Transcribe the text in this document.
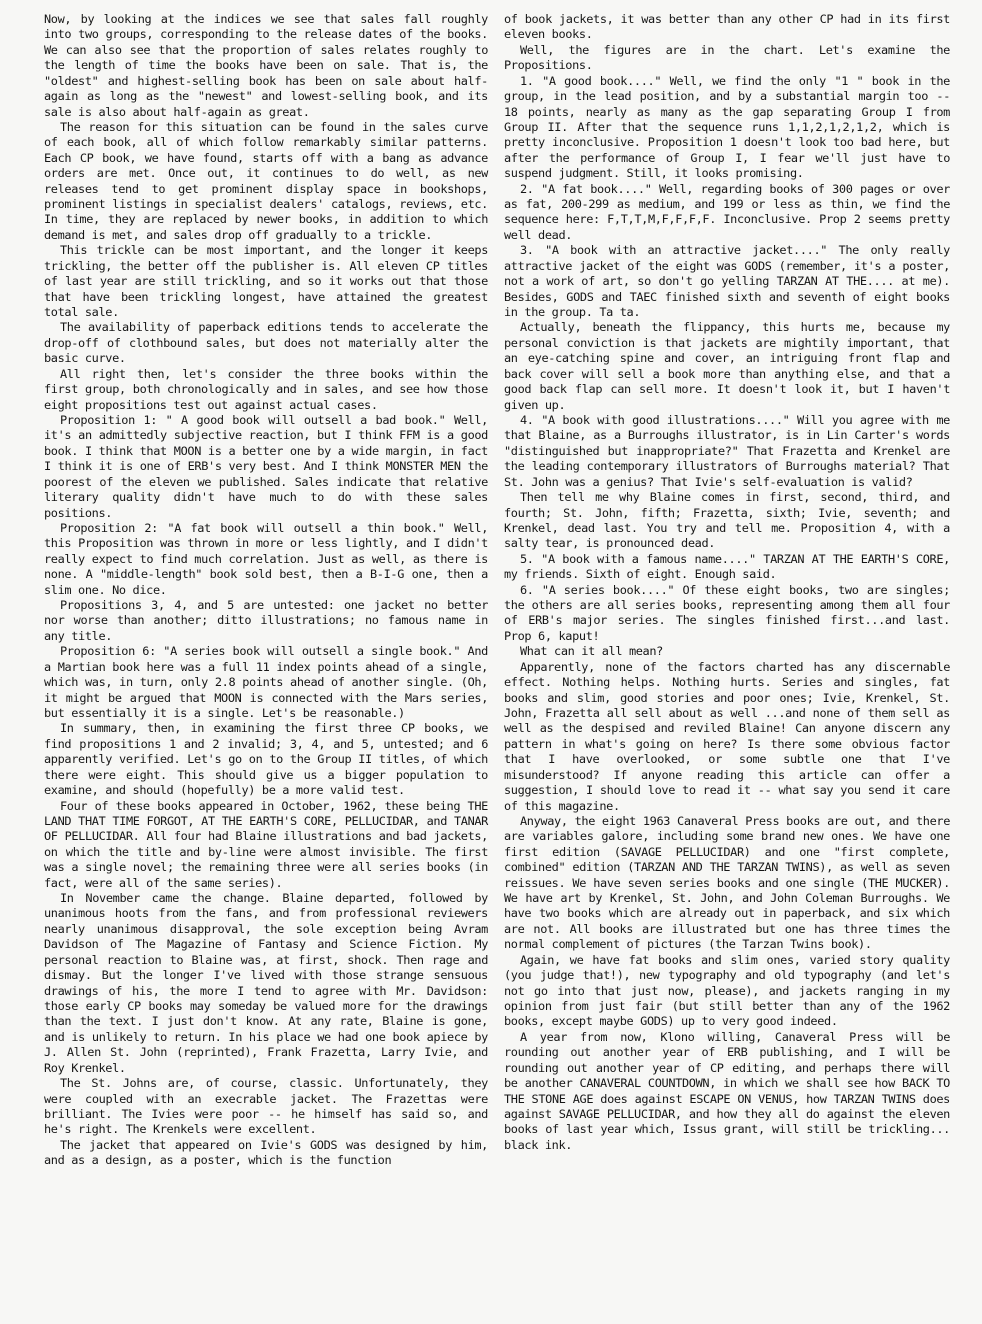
Now, by looking at the indices we see that sales fall roughly into two groups, corresponding to the release dates of the books. We can also see that the proportion of sales relates roughly to the length of time the books have been on sale. That is, the "oldest" and highest-selling book has been on sale about half-again as long as the "newest" and lowest-selling book, and its sale is also about half-again as great.

The reason for this situation can be found in the sales curve of each book, all of which follow remarkably similar patterns. Each CP book, we have found, starts off with a bang as advance orders are met. Once out, it continues to do well, as new releases tend to get prominent display space in bookshops, prominent listings in specialist dealers' catalogs, reviews, etc. In time, they are replaced by newer books, in addition to which demand is met, and sales drop off gradually to a trickle.

This trickle can be most important, and the longer it keeps trickling, the better off the publisher is. All eleven CP titles of last year are still trickling, and so it works out that those that have been trickling longest, have attained the greatest total sale.

The availability of paperback editions tends to accelerate the drop-off of clothbound sales, but does not materially alter the basic curve.

All right then, let's consider the three books within the first group, both chronologically and in sales, and see how those eight propositions test out against actual cases.

Proposition 1: " A good book will outsell a bad book." Well, it's an admittedly subjective reaction, but I think FFM is a good book. I think that MOON is a better one by a wide margin, in fact I think it is one of ERB's very best. And I think MONSTER MEN the poorest of the eleven we published. Sales indicate that relative literary quality didn't have much to do with these sales positions.

Proposition 2: "A fat book will outsell a thin book." Well, this Proposition was thrown in more or less lightly, and I didn't really expect to find much correlation. Just as well, as there is none. A "middle-length" book sold best, then a B-I-G one, then a slim one. No dice.

Propositions 3, 4, and 5 are untested: one jacket no better nor worse than another; ditto illustrations; no famous name in any title.

Proposition 6: "A series book will outsell a single book." And a Martian book here was a full 11 index points ahead of a single, which was, in turn, only 2.8 points ahead of another single. (Oh, it might be argued that MOON is connected with the Mars series, but essentially it is a single. Let's be reasonable.)

In summary, then, in examining the first three CP books, we find propositions 1 and 2 invalid; 3, 4, and 5, untested; and 6 apparently verified. Let's go on to the Group II titles, of which there were eight. This should give us a bigger population to examine, and should (hopefully) be a more valid test.

Four of these books appeared in October, 1962, these being THE LAND THAT TIME FORGOT, AT THE EARTH'S CORE, PELLUCIDAR, and TANAR OF PELLUCIDAR. All four had Blaine illustrations and bad jackets, on which the title and by-line were almost invisible. The first was a single novel; the remaining three were all series books (in fact, were all of the same series).

In November came the change. Blaine departed, followed by unanimous hoots from the fans, and from professional reviewers nearly unanimous disapproval, the sole exception being Avram Davidson of The Magazine of Fantasy and Science Fiction. My personal reaction to Blaine was, at first, shock. Then rage and dismay. But the longer I've lived with those strange sensuous drawings of his, the more I tend to agree with Mr. Davidson: those early CP books may someday be valued more for the drawings than the text. I just don't know. At any rate, Blaine is gone, and is unlikely to return. In his place we had one book apiece by J. Allen St. John (reprinted), Frank Frazetta, Larry Ivie, and Roy Krenkel.

The St. Johns are, of course, classic. Unfortunately, they were coupled with an execrable jacket. The Frazettas were brilliant. The Ivies were poor -- he himself has said so, and he's right. The Krenkels were excellent.

The jacket that appeared on Ivie's GODS was designed by him, and as a design, as a poster, which is the function

of book jackets, it was better than any other CP had in its first eleven books.

Well, the figures are in the chart. Let's examine the Propositions.

1. "A good book...." Well, we find the only "1 " book in the group, in the lead position, and by a substantial margin too -- 18 points, nearly as many as the gap separating Group I from Group II. After that the sequence runs 1,1,2,1,2,1,2, which is pretty inconclusive. Proposition 1 doesn't look too bad here, but after the performance of Group I, I fear we'll just have to suspend judgment. Still, it looks promising.

2. "A fat book...." Well, regarding books of 300 pages or over as fat, 200-299 as medium, and 199 or less as thin, we find the sequence here: F,T,T,M,F,F,F,F. Inconclusive. Prop 2 seems pretty well dead.

3. "A book with an attractive jacket...." The only really attractive jacket of the eight was GODS (remember, it's a poster, not a work of art, so don't go yelling TARZAN AT THE.... at me). Besides, GODS and TAEC finished sixth and seventh of eight books in the group. Ta ta.

Actually, beneath the flippancy, this hurts me, because my personal conviction is that jackets are mightily important, that an eye-catching spine and cover, an intriguing front flap and back cover will sell a book more than anything else, and that a good back flap can sell more. It doesn't look it, but I haven't given up.

4. "A book with good illustrations...." Will you agree with me that Blaine, as a Burroughs illustrator, is in Lin Carter's words "distinguished but inappropriate?" That Frazetta and Krenkel are the leading contemporary illustrators of Burroughs material? That St. John was a genius? That Ivie's self-evaluation is valid?

Then tell me why Blaine comes in first, second, third, and fourth; St. John, fifth; Frazetta, sixth; Ivie, seventh; and Krenkel, dead last. You try and tell me. Proposition 4, with a salty tear, is pronounced dead.

5. "A book with a famous name...." TARZAN AT THE EARTH'S CORE, my friends. Sixth of eight. Enough said.

6. "A series book...." Of these eight books, two are singles; the others are all series books, representing among them all four of ERB's major series. The singles finished first...and last. Prop 6, kaput!

What can it all mean?

Apparently, none of the factors charted has any discernable effect. Nothing helps. Nothing hurts. Series and singles, fat books and slim, good stories and poor ones; Ivie, Krenkel, St. John, Frazetta all sell about as well ...and none of them sell as well as the despised and reviled Blaine! Can anyone discern any pattern in what's going on here? Is there some obvious factor that I have overlooked, or some subtle one that I've misunderstood? If anyone reading this article can offer a suggestion, I should love to read it -- what say you send it care of this magazine.

Anyway, the eight 1963 Canaveral Press books are out, and there are variables galore, including some brand new ones. We have one first edition (SAVAGE PELLUCIDAR) and one "first complete, combined" edition (TARZAN AND THE TARZAN TWINS), as well as seven reissues. We have seven series books and one single (THE MUCKER). We have art by Krenkel, St. John, and John Coleman Burroughs. We have two books which are already out in paperback, and six which are not. All books are illustrated but one has three times the normal complement of pictures (the Tarzan Twins book).

Again, we have fat books and slim ones, varied story quality (you judge that!), new typography and old typography (and let's not go into that just now, please), and jackets ranging in my opinion from just fair (but still better than any of the 1962 books, except maybe GODS) up to very good indeed.

A year from now, Klono willing, Canaveral Press will be rounding out another year of ERB publishing, and I will be rounding out another year of CP editing, and perhaps there will be another CANAVERAL COUNTDOWN, in which we shall see how BACK TO THE STONE AGE does against ESCAPE ON VENUS, how TARZAN TWINS does against SAVAGE PELLUCIDAR, and how they all do against the eleven books of last year which, Issus grant, will still be trickling... black ink.
